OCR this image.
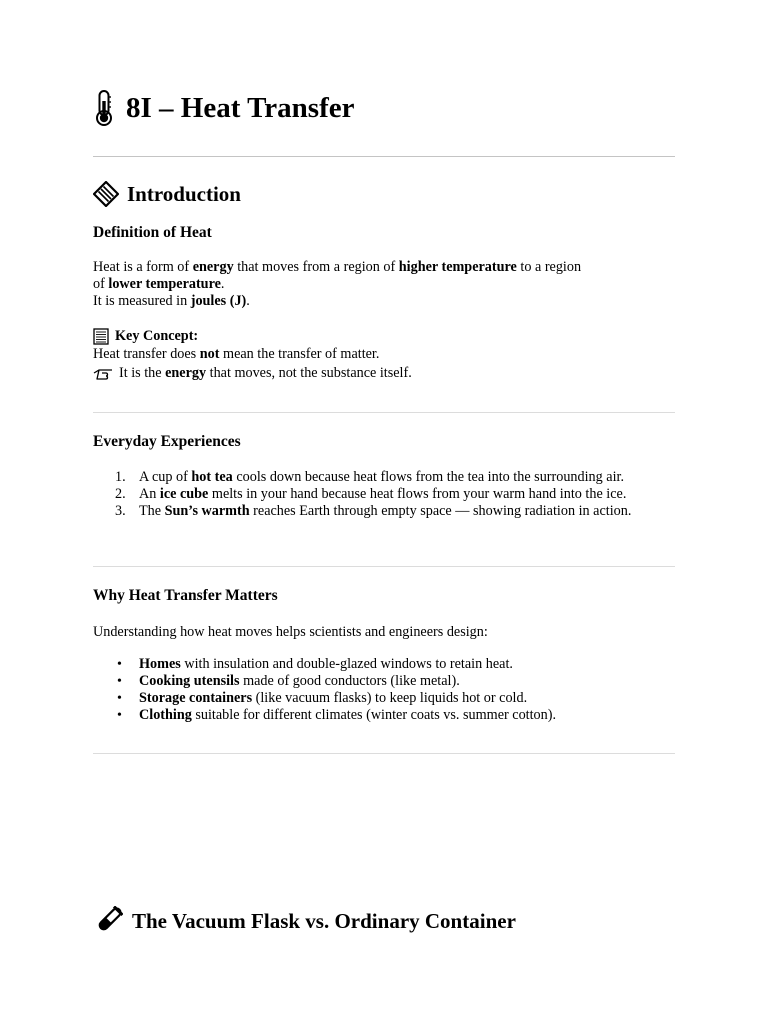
8I – Heat Transfer
Introduction
Definition of Heat
Heat is a form of energy that moves from a region of higher temperature to a region
of lower temperature.
It is measured in joules (J).
Key Concept:
Heat transfer does not mean the transfer of matter.
It is the energy that moves, not the substance itself.
Everyday Experiences
1. A cup of hot tea cools down because heat flows from the tea into the surrounding air.
2. An ice cube melts in your hand because heat flows from your warm hand into the ice.
3. The Sun’s warmth reaches Earth through empty space — showing radiation in action.
Why Heat Transfer Matters
Understanding how heat moves helps scientists and engineers design:
• Homes with insulation and double-glazed windows to retain heat.
• Cooking utensils made of good conductors (like metal).
• Storage containers (like vacuum flasks) to keep liquids hot or cold.
• Clothing suitable for different climates (winter coats vs. summer cotton).
The Vacuum Flask vs. Ordinary Container
